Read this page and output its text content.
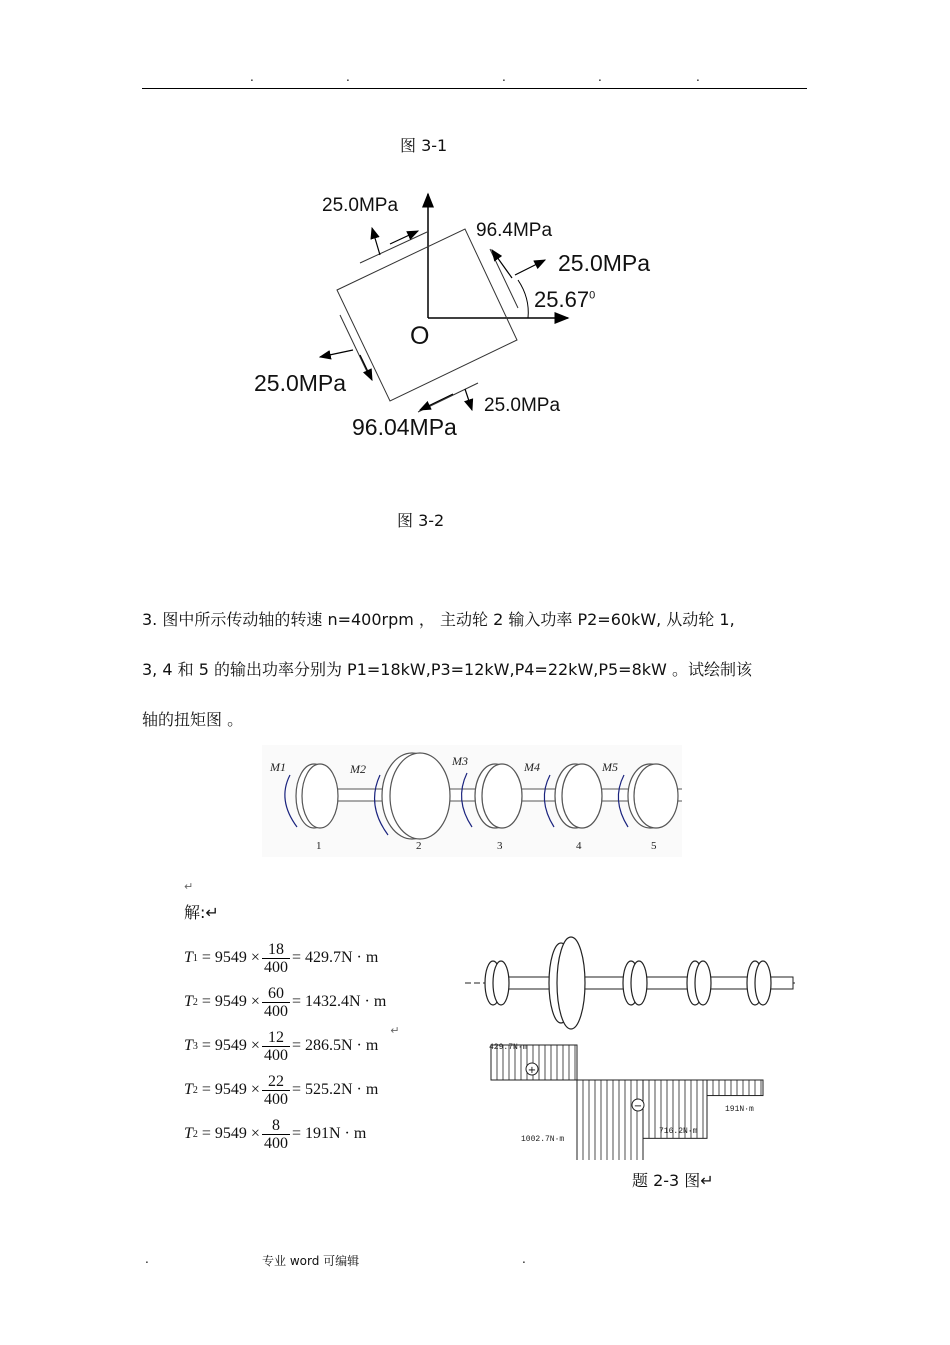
.	.	.	.	.
图 3-1
25.0MPa
96.4MPa
25.0MPa
25.67$^0$
O
25.0MPa
25.0MPa
96.04MPa
图 3-2
3. 图中所示传动轴的转速 n=400rpm ， 主动轮 2 输入功率 P2=60kW, 从动轮 1,
3, 4 和 5 的输出功率分别为 P1=18kW,P3=12kW,P4=22kW,P5=8kW 。试绘制该
轴的扭矩图 。
M1	M2
M3	M4	M5
1	2	3	4	5
↵
解:↵
T $1 = 9549 \times \frac{18}{400} = 429.7N \cdot m$
T $2 = 9549 \times \frac{60}{400} = 1432.4N \cdot m$
T $3 = 9549 \times \frac{12}{400} = 286.5N \cdot m$
↵
T $2 = 9549 \times \frac{22}{400} = 525.2N \cdot m$
T $2 = 9549 \times \frac{8}{400} = 191N \cdot m$
+
−
429.7N·m
1002.7N·m
716.2N·m
191N·m
题 2-3 图↵
.	专业 word 可编辑	.
